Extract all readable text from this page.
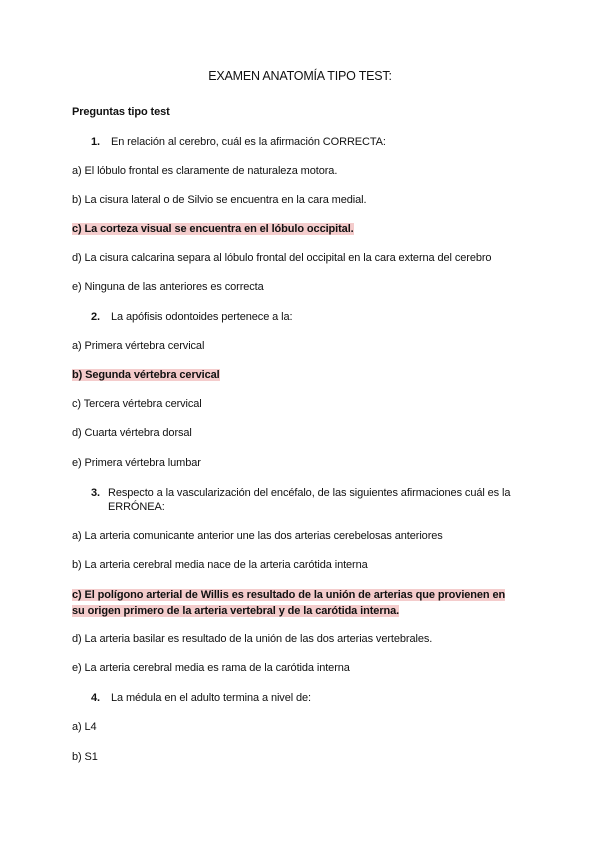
EXAMEN ANATOMÍA TIPO TEST:
Preguntas tipo test
1. En relación al cerebro, cuál es la afirmación CORRECTA:
a) El lóbulo frontal es claramente de naturaleza motora.
b) La cisura lateral o de Silvio se encuentra en la cara medial.
c) La corteza visual se encuentra en el lóbulo occipital.
d) La cisura calcarina separa al lóbulo frontal del occipital en la cara externa del cerebro
e) Ninguna de las anteriores es correcta
2. La apófisis odontoides pertenece a la:
a) Primera vértebra cervical
b) Segunda vértebra cervical
c) Tercera vértebra cervical
d) Cuarta vértebra dorsal
e) Primera vértebra lumbar
3. Respecto a la vascularización del encéfalo, de las siguientes afirmaciones cuál es la
ERRÓNEA:
a) La arteria comunicante anterior une las dos arterias cerebelosas anteriores
b) La arteria cerebral media nace de la arteria carótida interna
c) El polígono arterial de Willis es resultado de la unión de arterias que provienen en
su origen primero de la arteria vertebral y de la carótida interna.
d) La arteria basilar es resultado de la unión de las dos arterias vertebrales.
e) La arteria cerebral media es rama de la carótida interna
4. La médula en el adulto termina a nivel de:
a) L4
b) S1
